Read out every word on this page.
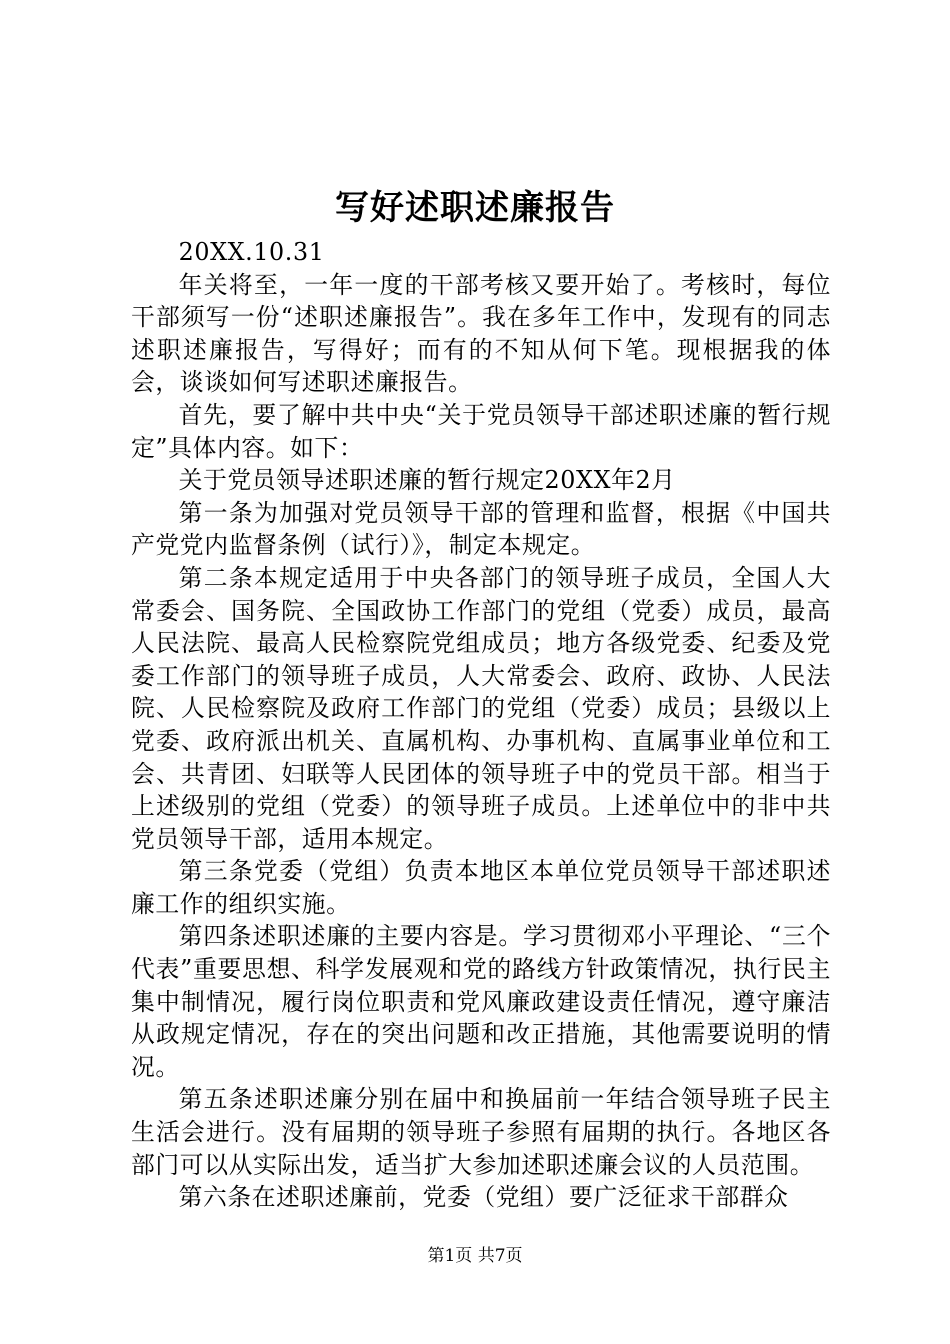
写好述职述廉报告

20XX.10.31

年关将至，一年一度的干部考核又要开始了。考核时，每位干部须写一份“述职述廉报告”。我在多年工作中，发现有的同志述职述廉报告，写得好；而有的不知从何下笔。现根据我的体会，谈谈如何写述职述廉报告。

首先，要了解中共中央“关于党员领导干部述职述廉的暂行规定”具体内容。如下：

关于党员领导述职述廉的暂行规定20XX年2月

第一条为加强对党员领导干部的管理和监督，根据《中国共产党党内监督条例（试行）》，制定本规定。

第二条本规定适用于中央各部门的领导班子成员，全国人大常委会、国务院、全国政协工作部门的党组（党委）成员，最高人民法院、最高人民检察院党组成员；地方各级党委、纪委及党委工作部门的领导班子成员，人大常委会、政府、政协、人民法院、人民检察院及政府工作部门的党组（党委）成员；县级以上党委、政府派出机关、直属机构、办事机构、直属事业单位和工会、共青团、妇联等人民团体的领导班子中的党员干部。相当于上述级别的党组（党委）的领导班子成员。上述单位中的非中共党员领导干部，适用本规定。

第三条党委（党组）负责本地区本单位党员领导干部述职述廉工作的组织实施。

第四条述职述廉的主要内容是。学习贯彻邓小平理论、“三个代表”重要思想、科学发展观和党的路线方针政策情况，执行民主集中制情况，履行岗位职责和党风廉政建设责任情况，遵守廉洁从政规定情况，存在的突出问题和改正措施，其他需要说明的情况。

第五条述职述廉分别在届中和换届前一年结合领导班子民主生活会进行。没有届期的领导班子参照有届期的执行。各地区各部门可以从实际出发，适当扩大参加述职述廉会议的人员范围。

第六条在述职述廉前，党委（党组）要广泛征求干部群众

第1页 共7页
